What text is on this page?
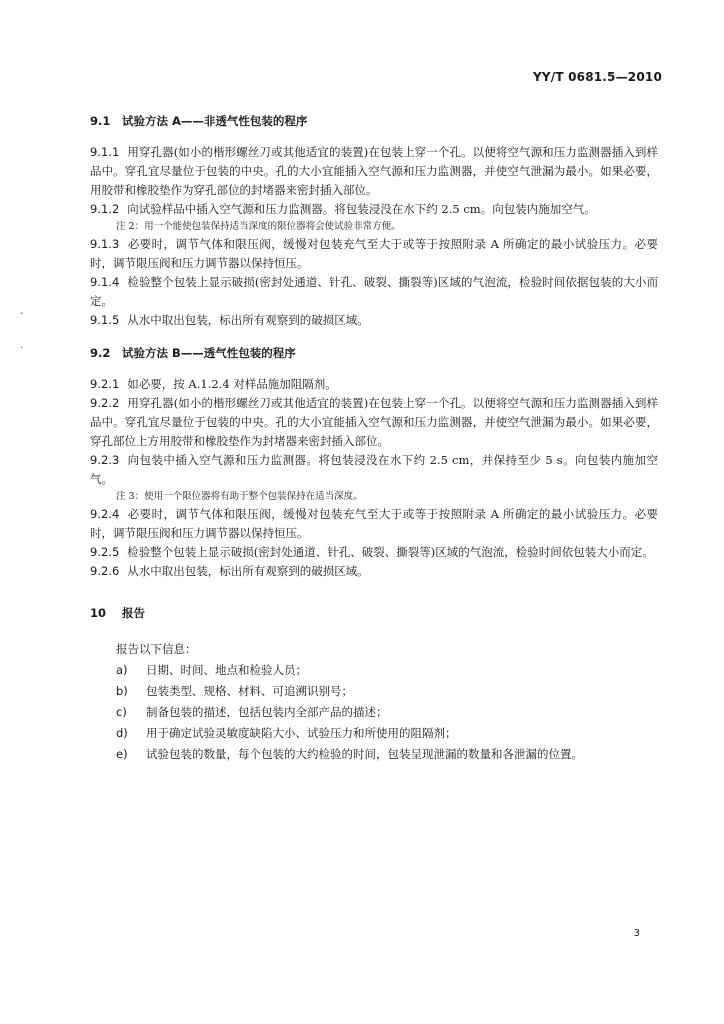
YY/T 0681.5—2010
-
.
9.1 试验方法 A——非透气性包装的程序
9.1.1 用穿孔器(如小的楷形螺丝刀或其他适宜的装置)在包装上穿一个孔。以便将空气源和压力监测器插入到样品中。穿孔宜尽量位于包装的中央。孔的大小宜能插入空气源和压力监测器，并使空气泄漏为最小。如果必要，用胶带和橡胶垫作为穿孔部位的封堵器来密封插入部位。
9.1.2 向试验样品中插入空气源和压力监测器。将包装浸没在水下约 2.5 cm。向包装内施加空气。
注 2：用一个能使包装保持适当深度的限位器将会使试验非常方便。
9.1.3 必要时，调节气体和限压阀，缓慢对包装充气至大于或等于按照附录 A 所确定的最小试验压力。必要时，调节限压阀和压力调节器以保持恒压。
9.1.4 检验整个包装上显示破损(密封处通道、针孔、破裂、撕裂等)区域的气泡流，检验时间依据包装的大小而定。
9.1.5 从水中取出包装，标出所有观察到的破损区域。
9.2 试验方法 B——透气性包装的程序
9.2.1 如必要，按 A.1.2.4 对样品施加阻隔剂。
9.2.2 用穿孔器(如小的楷形螺丝刀或其他适宜的装置)在包装上穿一个孔。以便将空气源和压力监测器插入到样品中。穿孔宜尽量位于包装的中央。孔的大小宜能插入空气源和压力监测器，并使空气泄漏为最小。如果必要，穿孔部位上方用胶带和橡胶垫作为封堵器来密封插入部位。
9.2.3 向包装中插入空气源和压力监测器。将包装浸没在水下约 2.5 cm，并保持至少 5 s。向包装内施加空气。
注 3：使用一个限位器将有助于整个包装保持在适当深度。
9.2.4 必要时，调节气体和限压阀，缓慢对包装充气至大于或等于按照附录 A 所确定的最小试验压力。必要时，调节限压阀和压力调节器以保持恒压。
9.2.5 检验整个包装上显示破损(密封处通道、针孔、破裂、撕裂等)区域的气泡流，检验时间依包装大小而定。
9.2.6 从水中取出包装，标出所有观察到的破损区域。
10 报告
报告以下信息：
a) 日期、时间、地点和检验人员；
b) 包装类型、规格、材料、可追溯识别号；
c) 制备包装的描述，包括包装内全部产品的描述；
d) 用于确定试验灵敏度缺陷大小、试验压力和所使用的阻隔剂；
e) 试验包装的数量，每个包装的大约检验的时间，包装呈现泄漏的数量和各泄漏的位置。
3
